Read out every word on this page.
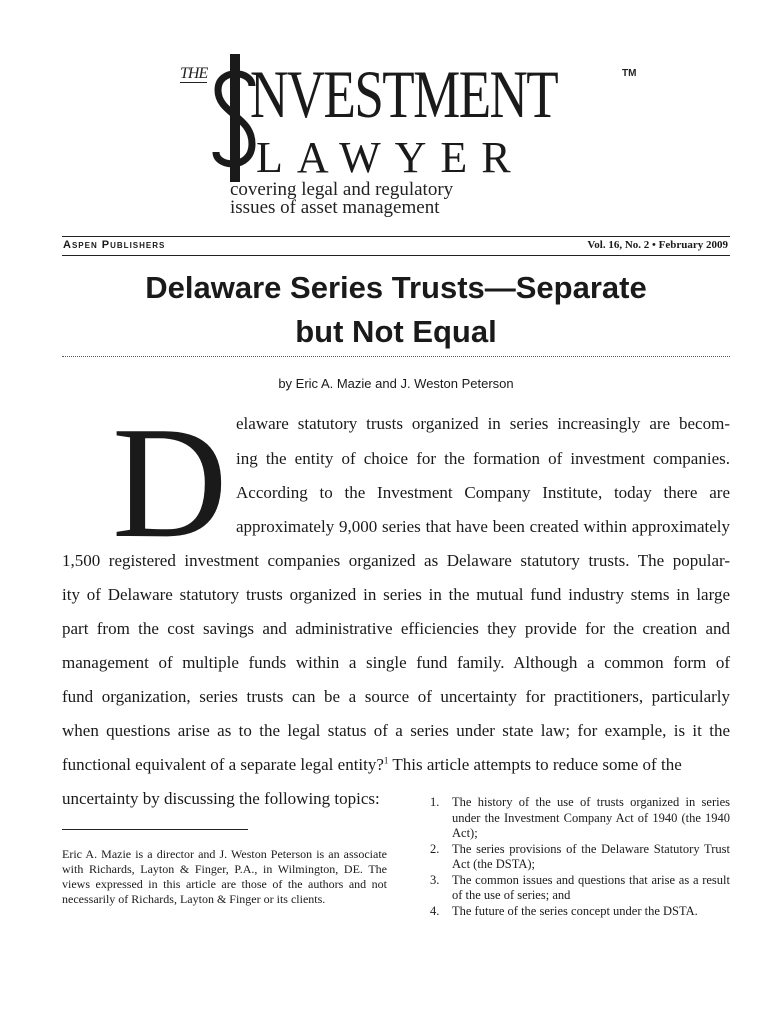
THE NVESTMENT	TM
LAWYER
covering legal and regulatory
issues of asset management
Aspen Publishers	Vol. 16, No. 2 • February 2009
Delaware Series Trusts—Separate
but Not Equal
by Eric A. Mazie and J. Weston Peterson
D elaware statutory trusts organized in series increasingly are becom-
ing the entity of choice for the formation of investment companies.
According to the Investment Company Institute, today there are
approximately 9,000 series that have been created within approximately
1,500 registered investment companies organized as Delaware statutory trusts. The popular-
ity of Delaware statutory trusts organized in series in the mutual fund industry stems in large
part from the cost savings and administrative efficiencies they provide for the creation and
management of multiple funds within a single fund family. Although a common form of
fund organization, series trusts can be a source of uncertainty for practitioners, particularly
when questions arise as to the legal status of a series under state law; for example, is it the
functional equivalent of a separate legal entity?$^1$ This article attempts to reduce some of the
uncertainty by discussing the following topics:	1.	The history of the use of trusts organized in series under the Investment Company Act of 1940 (the 1940 Act);
2.	The series provisions of the Delaware Statutory Trust Act (the DSTA);
3.	The common issues and questions that arise as a result of the use of series; and
4.	The future of the series concept under the DSTA.
Eric A. Mazie is a director and J. Weston Peterson is an associate with Richards, Layton & Finger, P.A., in Wilmington, DE. The views expressed in this article are those of the authors and not necessarily of Richards, Layton & Finger or its clients.
